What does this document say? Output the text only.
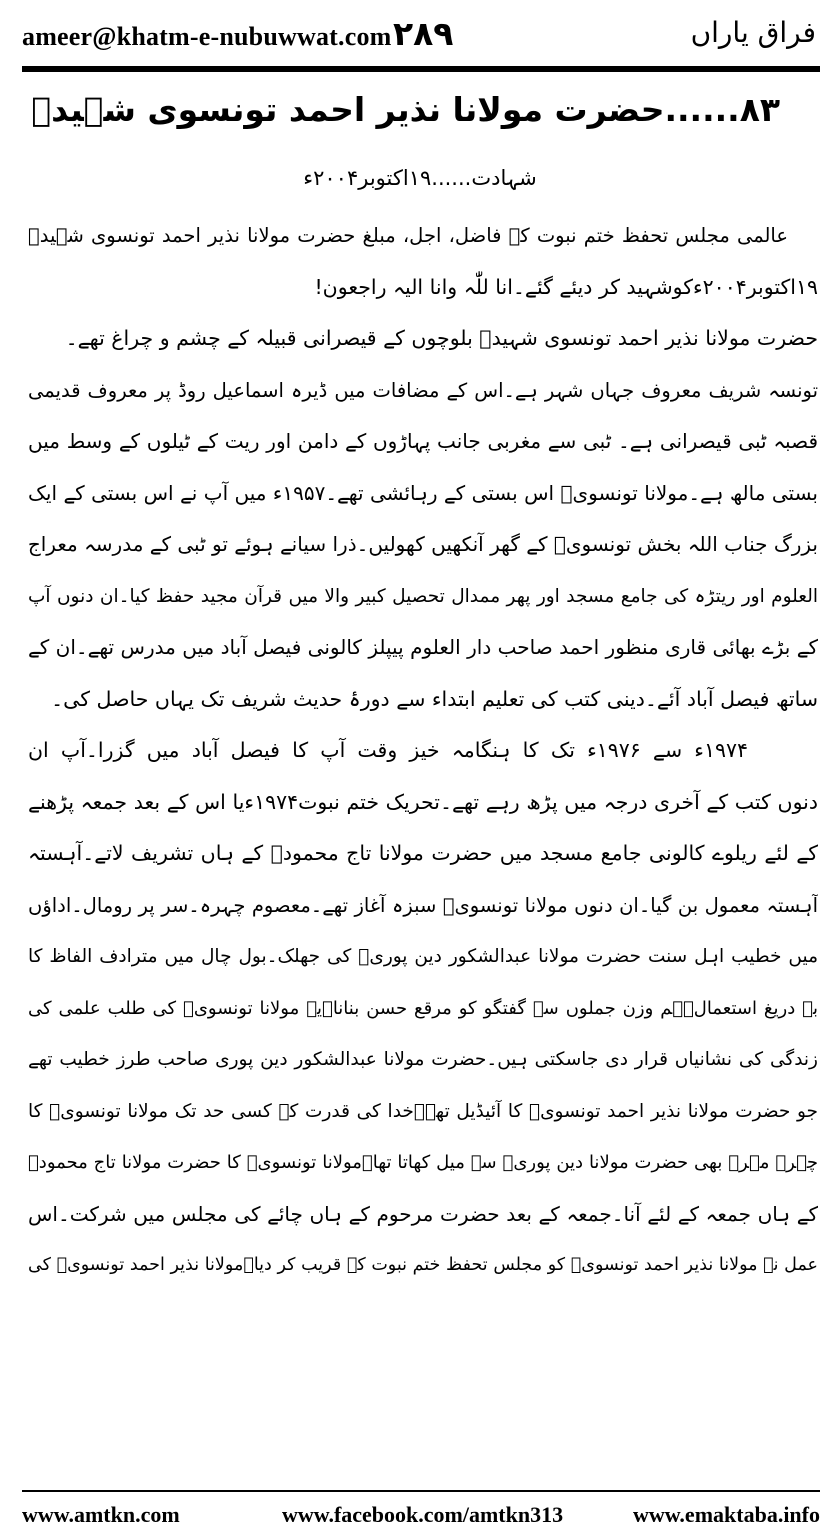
ameer@khatm-e-nubuwwat.com ۲۸۹	فراق یاراں
۸۳......حضرت مولانا نذیر احمد تونسوی شہیدؒ
شہادت......۱۹اکتوبر۲۰۰۴ء
عالمی مجلس تحفظ ختم نبوت کے فاضل، اجل، مبلغ حضرت مولانا نذیر احمد تونسوی شہیدؒ
۱۹اکتوبر۲۰۰۴ءکوشہید کر دیئے گئے۔انا للّٰہ وانا الیہ راجعون!
حضرت مولانا نذیر احمد تونسوی شہیدؒ بلوچوں کے قیصرانی قبیلہ کے چشم و چراغ تھے۔
تونسہ شریف معروف جہاں شہر ہے۔اس کے مضافات میں ڈیرہ اسماعیل روڈ پر معروف قدیمی
قصبہ ٹبی قیصرانی ہے۔ ٹبی سے مغربی جانب پہاڑوں کے دامن اور ریت کے ٹیلوں کے وسط میں
بستی مالھ ہے۔مولانا تونسویؒ اس بستی کے رہائشی تھے۔۱۹۵۷ء میں آپ نے اس بستی کے ایک
بزرگ جناب اللہ بخش تونسویؒ کے گھر آنکھیں کھولیں۔ذرا سیانے ہوئے تو ٹبی کے مدرسہ معراج
العلوم اور ریتڑہ کی جامع مسجد اور پھر ممدال تحصیل کبیر والا میں قرآن مجید حفظ کیا۔ان دنوں آپ
کے بڑے بھائی قاری منظور احمد صاحب دار العلوم پیپلز کالونی فیصل آباد میں مدرس تھے۔ان کے
ساتھ فیصل آباد آئے۔دینی کتب کی تعلیم ابتداء سے دورۂ حدیث شریف تک یہاں حاصل کی۔
۱۹۷۴ء سے ۱۹۷۶ء تک کا ہنگامہ خیز وقت آپ کا فیصل آباد میں گزرا۔آپ ان
دنوں کتب کے آخری درجہ میں پڑھ رہے تھے۔تحریک ختم نبوت۱۹۷۴ءیا اس کے بعد جمعہ پڑھنے
کے لئے ریلوے کالونی جامع مسجد میں حضرت مولانا تاج محمودؒ کے ہاں تشریف لاتے۔آہستہ
آہستہ معمول بن گیا۔ان دنوں مولانا تونسویؒ سبزہ آغاز تھے۔معصوم چہرہ۔سر پر رومال۔اداؤں
میں خطیب اہل سنت حضرت مولانا عبدالشکور دین پوریؒ کی جھلک۔بول چال میں مترادف الفاظ کا
بے دریغ استعمال۔ہم وزن جملوں سے گفتگو کو مرقع حسن بنانا۔یہ مولانا تونسویؒ کی طلب علمی کی
زندگی کی نشانیاں قرار دی جاسکتی ہیں۔حضرت مولانا عبدالشکور دین پوری صاحب طرز خطیب تھے
جو حضرت مولانا نذیر احمد تونسویؒ کا آئیڈیل تھے۔خدا کی قدرت کہ کسی حد تک مولانا تونسویؒ کا
چہرہ مہرہ بھی حضرت مولانا دین پوریؒ سے میل کھاتا تھا۔مولانا تونسویؒ کا حضرت مولانا تاج محمودؒ
کے ہاں جمعہ کے لئے آنا۔جمعہ کے بعد حضرت مرحوم کے ہاں چائے کی مجلس میں شرکت۔اس
عمل نے مولانا نذیر احمد تونسویؒ کو مجلس تحفظ ختم نبوت کے قریب کر دیا۔مولانا نذیر احمد تونسویؒ کی
www.amtkn.com	www.facebook.com/amtkn313	www.emaktaba.info
